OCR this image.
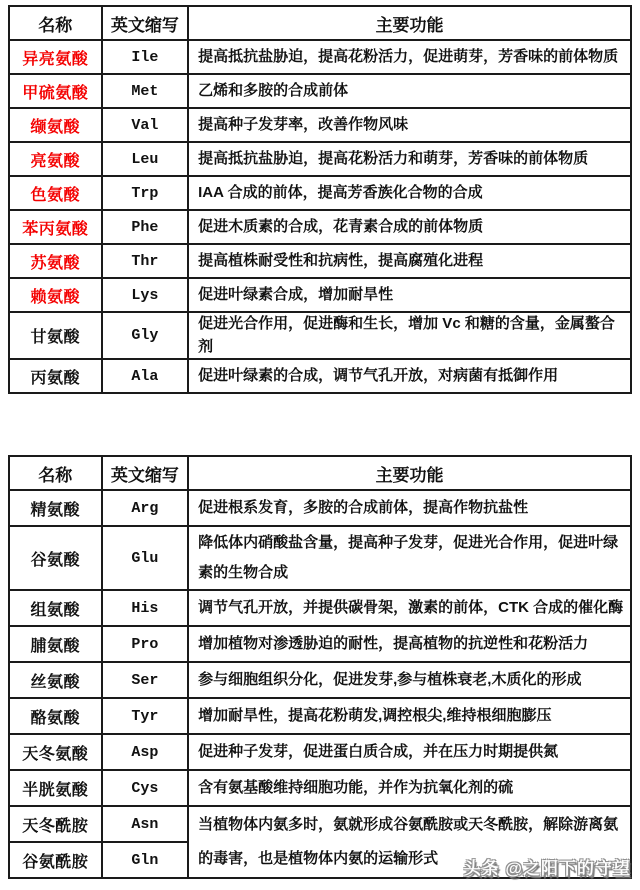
名称	英文缩写	主要功能
异亮氨酸	Ile	提高抵抗盐胁迫，提高花粉活力，促进萌芽，芳香味的前体物质
甲硫氨酸	Met	乙烯和多胺的合成前体
缬氨酸	Val	提高种子发芽率，改善作物风味
亮氨酸	Leu	提高抵抗盐胁迫，提高花粉活力和萌芽，芳香味的前体物质
色氨酸	Trp	IAA 合成的前体，提高芳香族化合物的合成
苯丙氨酸	Phe	促进木质素的合成，花青素合成的前体物质
苏氨酸	Thr	提高植株耐受性和抗病性，提高腐殖化进程
赖氨酸	Lys	促进叶绿素合成，增加耐旱性
甘氨酸	Gly	促进光合作用，促进酶和生长，增加 Vc 和糖的含量，金属螯合剂
丙氨酸	Ala	促进叶绿素的合成，调节气孔开放，对病菌有抵御作用
名称	英文缩写	主要功能
精氨酸	Arg	促进根系发育，多胺的合成前体，提高作物抗盐性
谷氨酸	Glu	降低体内硝酸盐含量，提高种子发芽，促进光合作用，促进叶绿素的生物合成
组氨酸	His	调节气孔开放，并提供碳骨架，激素的前体，CTK 合成的催化酶
脯氨酸	Pro	增加植物对渗透胁迫的耐性，提高植物的抗逆性和花粉活力
丝氨酸	Ser	参与细胞组织分化，促进发芽,参与植株衰老,木质化的形成
酪氨酸	Tyr	增加耐旱性，提高花粉萌发,调控根尖,维持根细胞膨压
天冬氨酸	Asp	促进种子发芽，促进蛋白质合成，并在压力时期提供氮
半胱氨酸	Cys	含有氨基酸维持细胞功能，并作为抗氧化剂的硫
天冬酰胺	Asn	当植物体内氨多时，氨就形成谷氨酰胺或天冬酰胺，解除游离氨的毒害，也是植物体内氨的运输形式
谷氨酰胺	Gln		头条 @之阳下的守望
